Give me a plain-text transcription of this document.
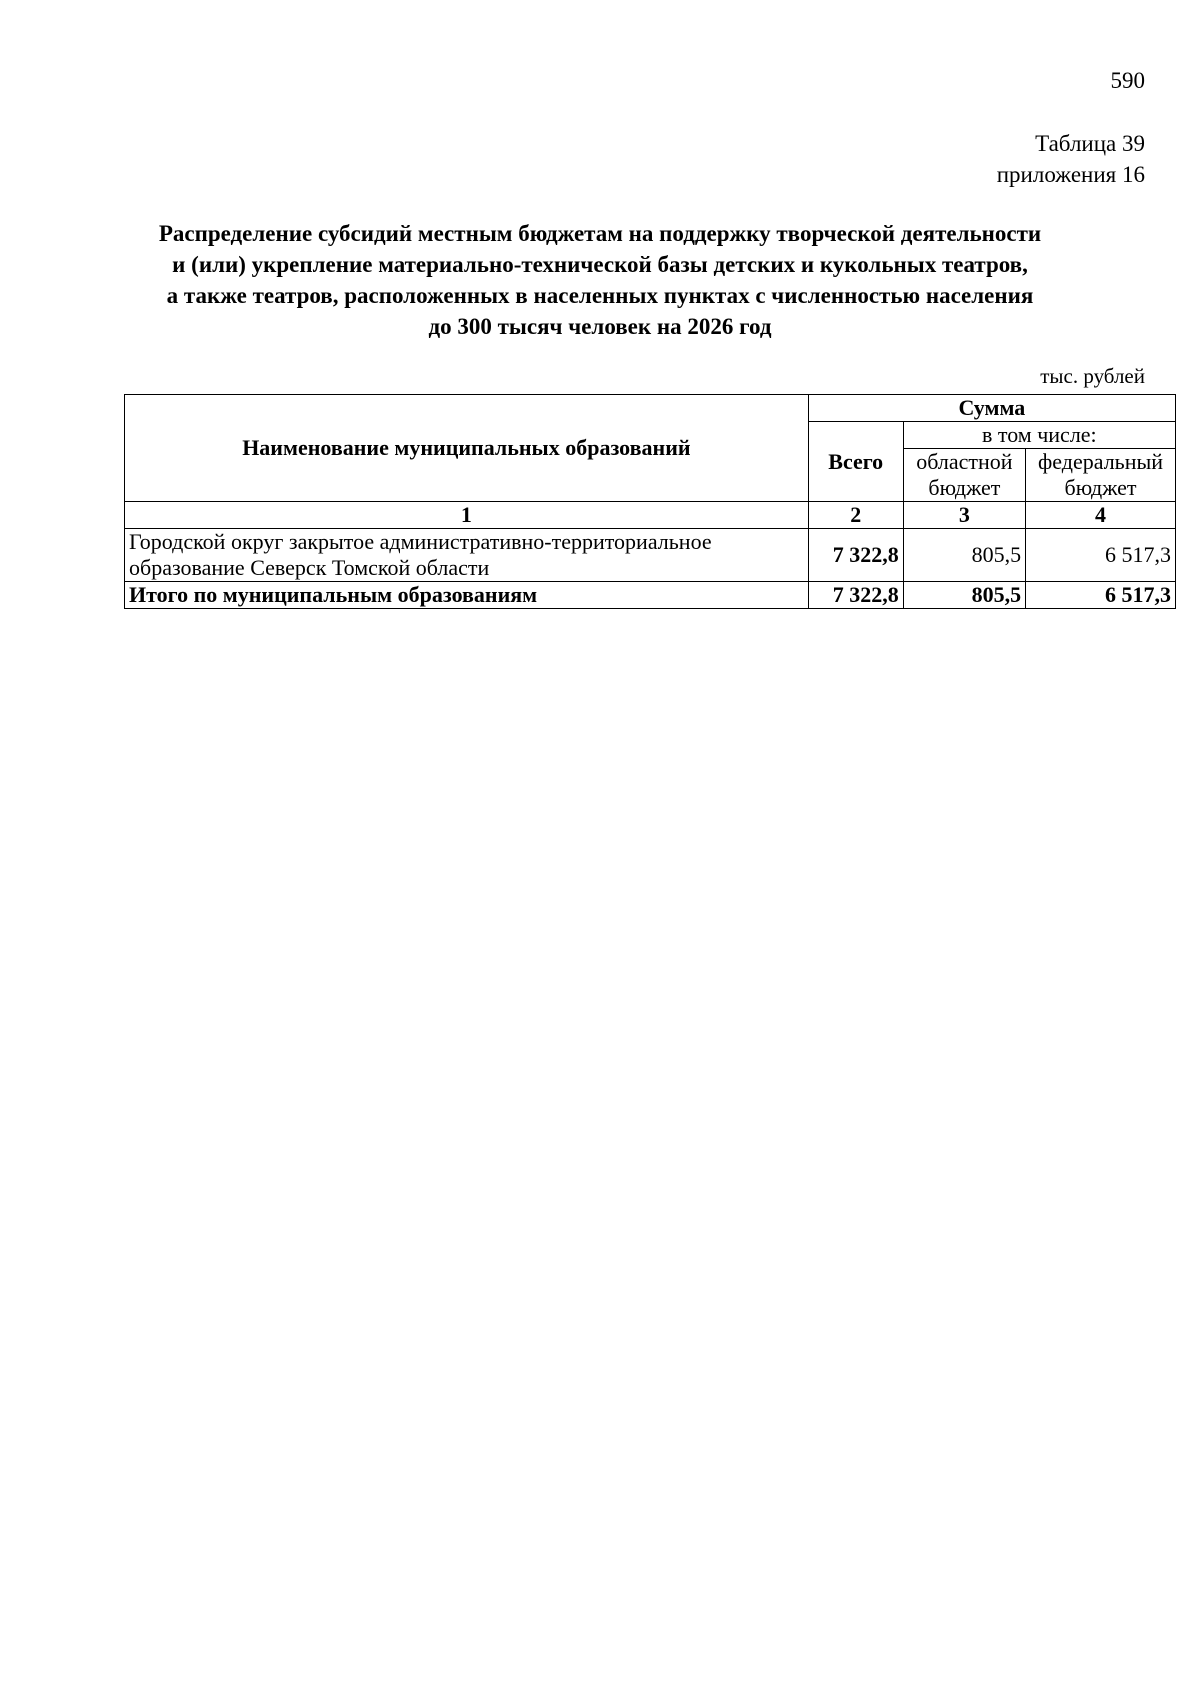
590
Таблица 39
приложения 16
Распределение субсидий местным бюджетам на поддержку творческой деятельности
и (или) укрепление материально-технической базы детских и кукольных театров,
а также театров, расположенных в населенных пунктах с численностью населения
до 300 тысяч человек на 2026 год
тыс. рублей
Наименование муниципальных образований	Сумма		
	Всего	в том числе:	
		областной бюджет	федеральный бюджет
1	2	3	4
Городской округ закрытое административно-территориальное образование Северск Томской области	7 322,8	805,5	6 517,3
Итого по муниципальным образованиям	7 322,8	805,5	6 517,3
